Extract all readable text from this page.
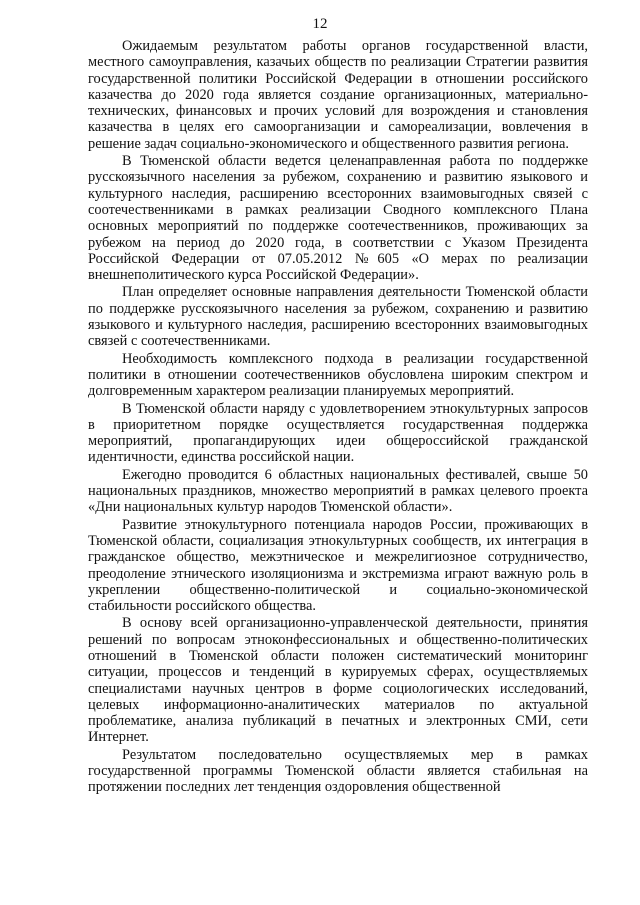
12

Ожидаемым результатом работы органов государственной власти, местного самоуправления, казачьих обществ по реализации Стратегии развития государственной политики Российской Федерации в отношении российского казачества до 2020 года является создание организационных, материально-технических, финансовых и прочих условий для возрождения и становления казачества в целях его самоорганизации и самореализации, вовлечения в решение задач социально-экономического и общественного развития региона.

В Тюменской области ведется целенаправленная работа по поддержке русскоязычного населения за рубежом, сохранению и развитию языкового и культурного наследия, расширению всесторонних взаимовыгодных связей с соотечественниками в рамках реализации Сводного комплексного Плана основных мероприятий по поддержке соотечественников, проживающих за рубежом на период до 2020 года, в соответствии с Указом Президента Российской Федерации от 07.05.2012 №605 «О мерах по реализации внешнеполитического курса Российской Федерации».

План определяет основные направления деятельности Тюменской области по поддержке русскоязычного населения за рубежом, сохранению и развитию языкового и культурного наследия, расширению всесторонних взаимовыгодных связей с соотечественниками.

Необходимость комплексного подхода в реализации государственной политики в отношении соотечественников обусловлена широким спектром и долговременным характером реализации планируемых мероприятий.

В Тюменской области наряду с удовлетворением этнокультурных запросов в приоритетном порядке осуществляется государственная поддержка мероприятий, пропагандирующих идеи общероссийской гражданской идентичности, единства российской нации.

Ежегодно проводится 6 областных национальных фестивалей, свыше 50 национальных праздников, множество мероприятий в рамках целевого проекта «Дни национальных культур народов Тюменской области».

Развитие этнокультурного потенциала народов России, проживающих в Тюменской области, социализация этнокультурных сообществ, их интеграция в гражданское общество, межэтническое и межрелигиозное сотрудничество, преодоление этнического изоляционизма и экстремизма играют важную роль в укреплении общественно-политической и социально-экономической стабильности российского общества.

В основу всей организационно-управленческой деятельности, принятия решений по вопросам этноконфессиональных и общественно-политических отношений в Тюменской области положен систематический мониторинг ситуации, процессов и тенденций в курируемых сферах, осуществляемых специалистами научных центров в форме социологических исследований, целевых информационно-аналитических материалов по актуальной проблематике, анализа публикаций в печатных и электронных СМИ, сети Интернет.

Результатом последовательно осуществляемых мер в рамках государственной программы Тюменской области является стабильная на протяжении последних лет тенденция оздоровления общественной
